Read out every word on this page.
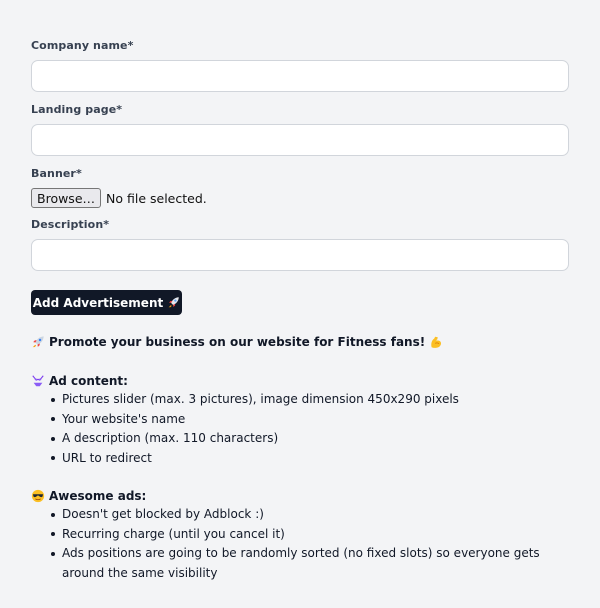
Company name*
Landing page*
Banner*
Browse… No file selected.
Description*
Add Advertisement
Promote your business on our website for Fitness fans!
Ad content:
Pictures slider (max. 3 pictures), image dimension 450x290 pixels
Your website's name
A description (max. 110 characters)
URL to redirect
Awesome ads:
Doesn't get blocked by Adblock :)
Recurring charge (until you cancel it)
Ads positions are going to be randomly sorted (no fixed slots) so everyone gets around the same visibility
